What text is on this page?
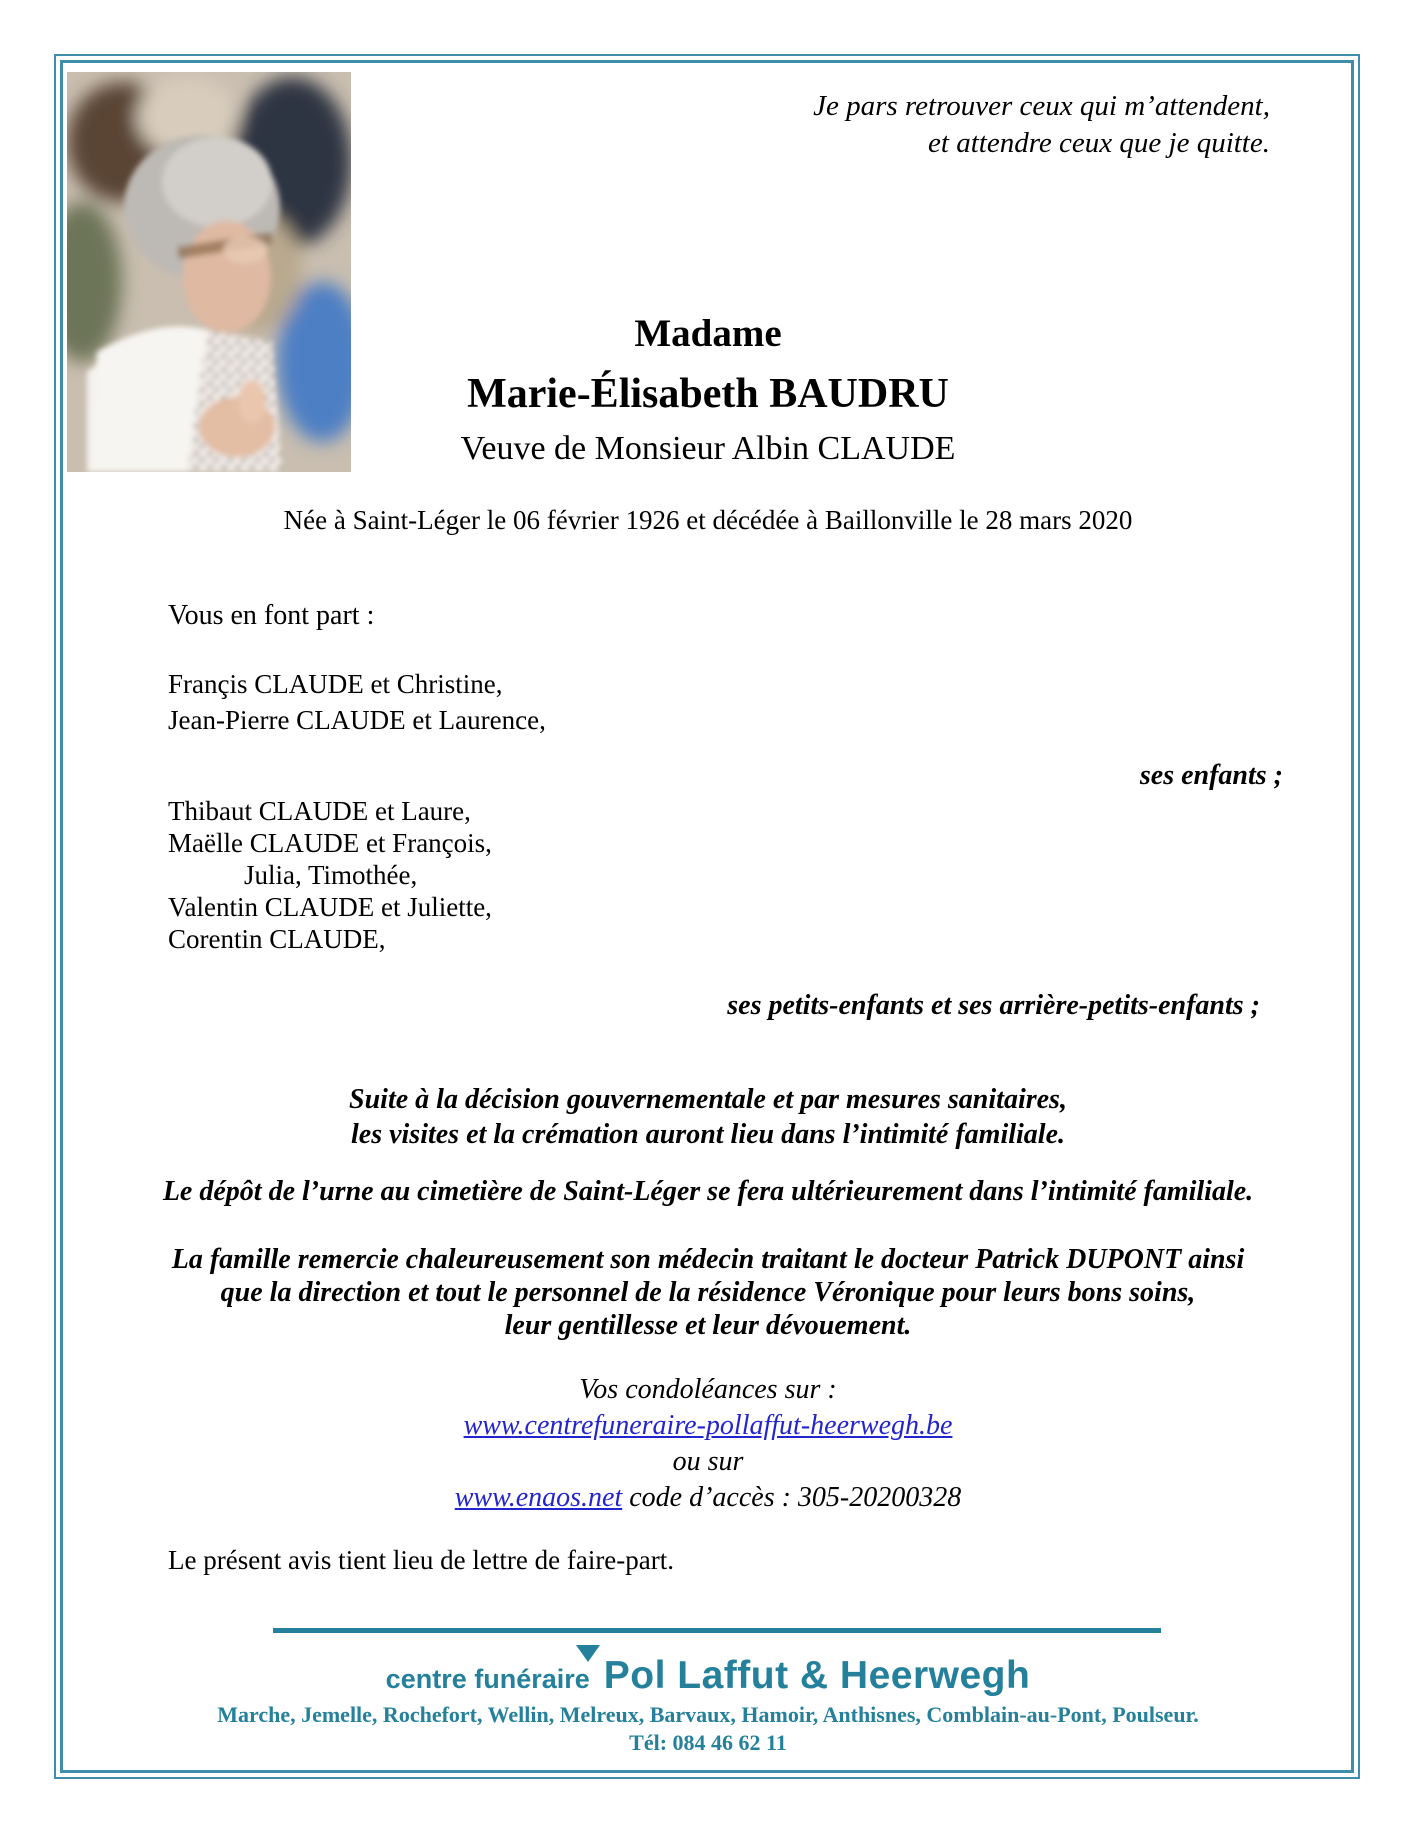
Je pars retrouver ceux qui m’attendent,
et attendre ceux que je quitte.
Madame
Marie-Élisabeth BAUDRU
Veuve de Monsieur Albin CLAUDE
Née à Saint-Léger le 06 février 1926 et décédée à Baillonville le 28 mars 2020
Vous en font part :
Françis CLAUDE et Christine,
Jean-Pierre CLAUDE et Laurence,
ses enfants ;
Thibaut CLAUDE et Laure,
Maëlle CLAUDE et François,
Julia, Timothée,
Valentin CLAUDE et Juliette,
Corentin CLAUDE,
ses petits-enfants et ses arrière-petits-enfants ;
Suite à la décision gouvernementale et par mesures sanitaires,
les visites et la crémation auront lieu dans l’intimité familiale.
Le dépôt de l’urne au cimetière de Saint-Léger se fera ultérieurement dans l’intimité familiale.
La famille remercie chaleureusement son médecin traitant le docteur Patrick DUPONT ainsi
que la direction et tout le personnel de la résidence Véronique pour leurs bons soins,
leur gentillesse et leur dévouement.
Vos condoléances sur :
www.centrefuneraire-pollaffut-heerwegh.be
ou sur
www.enaos.net code d’accès : 305-20200328
Le présent avis tient lieu de lettre de faire-part.
centre funéraire Pol Laffut & Heerwegh
Marche, Jemelle, Rochefort, Wellin, Melreux, Barvaux, Hamoir, Anthisnes, Comblain-au-Pont, Poulseur.
Tél: 084 46 62 11
